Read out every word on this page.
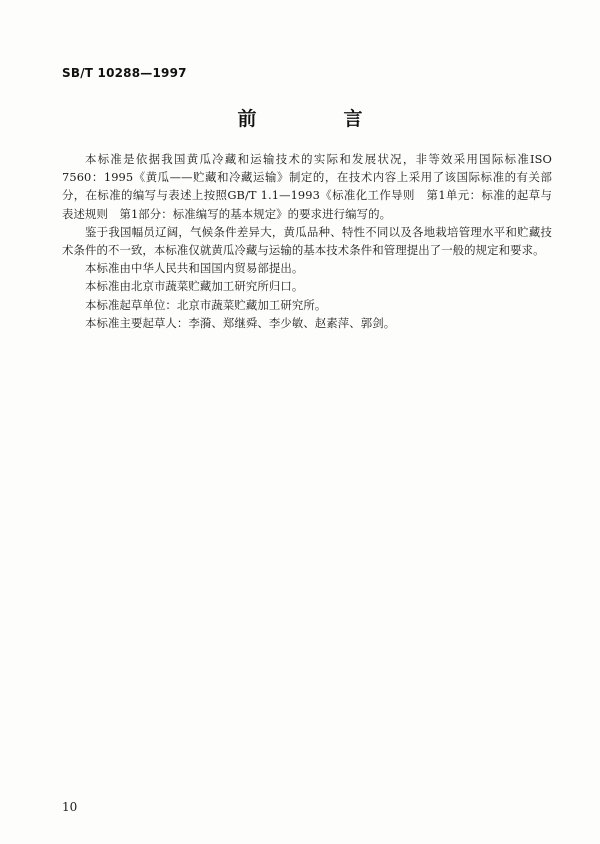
SB/T 10288—1997
前　言

本标准是依据我国黄瓜冷藏和运输技术的实际和发展状况，非等效采用国际标准ISO 7560：1995《黄瓜——贮藏和冷藏运输》制定的，在技术内容上采用了该国际标准的有关部分，在标准的编写与表述上按照GB/T 1.1—1993《标准化工作导则　第1单元：标准的起草与表述规则　第1部分：标准编写的基本规定》的要求进行编写的。

鉴于我国幅员辽阔，气候条件差异大，黄瓜品种、特性不同以及各地栽培管理水平和贮藏技术条件的不一致，本标准仅就黄瓜冷藏与运输的基本技术条件和管理提出了一般的规定和要求。

本标准由中华人民共和国国内贸易部提出。

本标准由北京市蔬菜贮藏加工研究所归口。

本标准起草单位：北京市蔬菜贮藏加工研究所。

本标准主要起草人：李漪、郑继舜、李少敏、赵素萍、郭剑。

10
